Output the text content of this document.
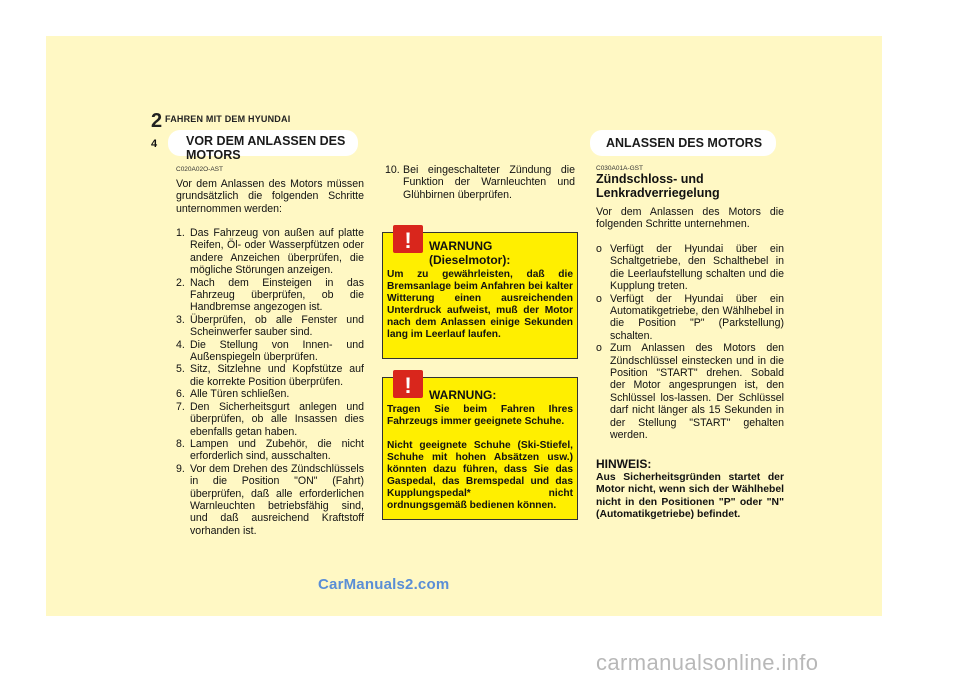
2 FAHREN MIT DEM HYUNDAI
4 VOR DEM ANLASSEN DES MOTORS
ANLASSEN DES MOTORS
C020A02O-AST
Vor dem Anlassen des Motors müssen grundsätzlich die folgenden Schritte unternommen werden:
1. Das Fahrzeug von außen auf platte Reifen, Öl- oder Wasserpfützen oder andere Anzeichen überprüfen, die mögliche Störungen anzeigen.
2. Nach dem Einsteigen in das Fahrzeug überprüfen, ob die Handbremse angezogen ist.
3. Überprüfen, ob alle Fenster und Scheinwerfer sauber sind.
4. Die Stellung von Innen- und Außenspiegeln überprüfen.
5. Sitz, Sitzlehne und Kopfstütze auf die korrekte Position überprüfen.
6. Alle Türen schließen.
7. Den Sicherheitsgurt anlegen und überprüfen, ob alle Insassen dies ebenfalls getan haben.
8. Lampen und Zubehör, die nicht erforderlich sind, ausschalten.
9. Vor dem Drehen des Zündschlüssels in die Position "ON" (Fahrt) überprüfen, daß alle erforderlichen Warnleuchten betriebsfähig sind, und daß ausreichend Kraftstoff vorhanden ist.
10. Bei eingeschalteter Zündung die Funktion der Warnleuchten und Glühbirnen überprüfen.
! WARNUNG
(Dieselmotor):
Um zu gewährleisten, daß die Bremsanlage beim Anfahren bei kalter Witterung einen ausreichenden Unterdruck aufweist, muß der Motor nach dem Anlassen einige Sekunden lang im Leerlauf laufen.
! WARNUNG:
Tragen Sie beim Fahren Ihres Fahrzeugs immer geeignete Schuhe.
Nicht geeignete Schuhe (Ski-Stiefel, Schuhe mit hohen Absätzen usw.) könnten dazu führen, dass Sie das Gaspedal, das Bremspedal und das Kupplungspedal* nicht ordnungsgemäß bedienen können.
C030A01A-GST
Zündschloss- und Lenkradverriegelung
Vor dem Anlassen des Motors die folgenden Schritte unternehmen.
o Verfügt der Hyundai über ein Schaltgetriebe, den Schalthebel in die Leerlaufstellung schalten und die Kupplung treten.
o Verfügt der Hyundai über ein Automatikgetriebe, den Wählhebel in die Position "P" (Parkstellung) schalten.
o Zum Anlassen des Motors den Zündschlüssel einstecken und in die Position "START" drehen. Sobald der Motor angesprungen ist, den Schlüssel los-lassen. Der Schlüssel darf nicht länger als 15 Sekunden in der Stellung "START" gehalten werden.
HINWEIS:
Aus Sicherheitsgründen startet der Motor nicht, wenn sich der Wählhebel nicht in den Positionen "P" oder "N" (Automatikgetriebe) befindet.
CarManuals2.com
carmanualsonline.info
